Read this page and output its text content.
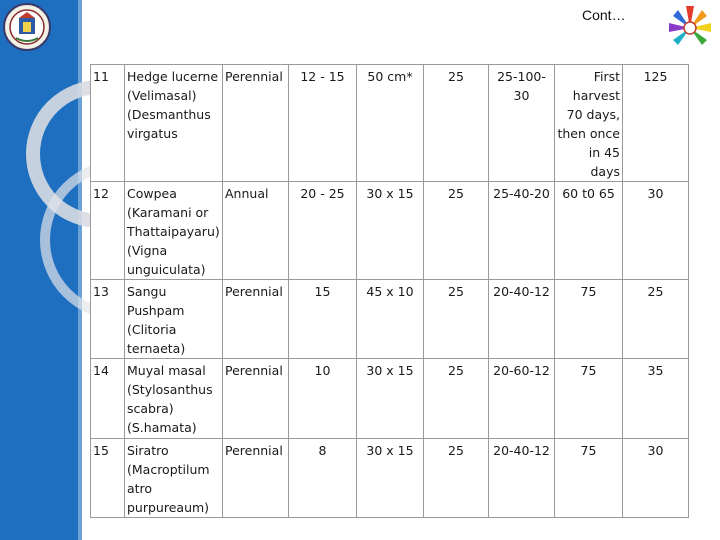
Cont…
11	Hedge lucerne (Velimasal) (Desmanthus virgatus	Perennial	12 - 15	50 cm*	25	25-100-30	First harvest 70 days, then once in 45 days	125
12	Cowpea (Karamani or Thattaipayaru) (Vigna unguiculata)	Annual	20 - 25	30 x 15	25	25-40-20	60 t0 65	30
13	Sangu Pushpam (Clitoria ternaeta)	Perennial	15	45 x 10	25	20-40-12	75	25
14	Muyal masal (Stylosanthus scabra) (S.hamata)	Perennial	10	30 x 15	25	20-60-12	75	35
15	Siratro (Macroptilum atro purpureaum)	Perennial	8	30 x 15	25	20-40-12	75	30
